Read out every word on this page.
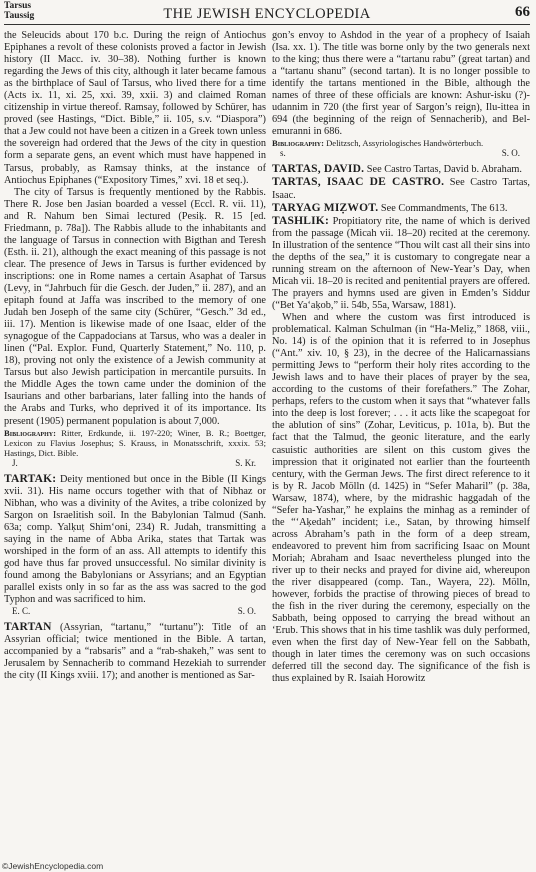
Tarsus
Taussig	THE JEWISH ENCYCLOPEDIA	66

the Seleucids about 170 b.c. During the reign of Antiochus Epiphanes a revolt of these colonists proved a factor in Jewish history (II Macc. iv. 30–38). Nothing further is known regarding the Jews of this city, although it later became famous as the birthplace of Saul of Tarsus, who lived there for a time (Acts ix. 11, xi. 25, xxi. 39, xxii. 3) and claimed Roman citizenship in virtue thereof. Ramsay, followed by Schürer, has proved (see Hastings, “Dict. Bible,” ii. 105, s.v. “Diaspora”) that a Jew could not have been a citizen in a Greek town unless the sovereign had ordered that the Jews of the city in question form a separate gens, an event which must have happened in Tarsus, probably, as Ramsay thinks, at the instance of Antiochus Epiphanes (“Expository Times,” xvi. 18 et seq.).

The city of Tarsus is frequently mentioned by the Rabbis. There R. Jose ben Jasian boarded a vessel (Eccl. R. vii. 11), and R. Nahum ben Simai lectured (Pesiḳ. R. 15 [ed. Friedmann, p. 78a]). The Rabbis allude to the inhabitants and the language of Tarsus in connection with Bigthan and Teresh (Esth. ii. 21), although the exact meaning of this passage is not clear. The presence of Jews in Tarsus is further evidenced by inscriptions: one in Rome names a certain Asaphat of Tarsus (Levy, in “Jahrbuch für die Gesch. der Juden,” ii. 287), and an epitaph found at Jaffa was inscribed to the memory of one Judah ben Joseph of the same city (Schürer, “Gesch.” 3d ed., iii. 17). Mention is likewise made of one Isaac, elder of the synagogue of the Cappadocians at Tarsus, who was a dealer in linen (“Pal. Explor. Fund, Quarterly Statement,” No. 110, p. 18), proving not only the existence of a Jewish community at Tarsus but also Jewish participation in mercantile pursuits. In the Middle Ages the town came under the dominion of the Isaurians and other barbarians, later falling into the hands of the Arabs and Turks, who deprived it of its importance. Its present (1905) permanent population is about 7,000.

Bibliography: Ritter, Erdkunde, ii. 197-220; Winer, B. R.; Boettger, Lexicon zu Flavius Josephus; S. Krauss, in Monatsschrift, xxxix. 53; Hastings, Dict. Bible.

J.	S. Kr.

TARTAK: Deity mentioned but once in the Bible (II Kings xvii. 31). His name occurs together with that of Nibhaz or Nibhan, who was a divinity of the Avites, a tribe colonized by Sargon on Israelitish soil. In the Babylonian Talmud (Sanh. 63a; comp. Yalḳuṭ Shim‘oni, 234) R. Judah, transmitting a saying in the name of Abba Arika, states that Tartak was worshiped in the form of an ass. All attempts to identify this god have thus far proved unsuccessful. No similar divinity is found among the Babylonians or Assyrians; and an Egyptian parallel exists only in so far as the ass was sacred to the god Typhon and was sacrificed to him.

E. C.	S. O.

TARTAN (Assyrian, “tartanu,” “turtanu”): Title of an Assyrian official; twice mentioned in the Bible. A tartan, accompanied by a “rabsaris” and a “rab-shakeh,” was sent to Jerusalem by Sennacherib to command Hezekiah to surrender the city (II Kings xviii. 17); and another is mentioned as Sar-

gon’s envoy to Ashdod in the year of a prophecy of Isaiah (Isa. xx. 1). The title was borne only by the two generals next to the king; thus there were a “tartanu rabu” (great tartan) and a “tartanu shanu” (second tartan). It is no longer possible to identify the tartans mentioned in the Bible, although the names of three of these officials are known: Ashur-isku (?)-udannim in 720 (the first year of Sargon’s reign), Ilu-ittea in 694 (the beginning of the reign of Sennacherib), and Bel-emuranni in 686.

Bibliography: Delitzsch, Assyriologisches Handwörterbuch.

s.	S. O.

TARTAS, DAVID. See Castro Tartas, David b. Abraham.

TARTAS, ISAAC DE CASTRO. See Castro Tartas, Isaac.

TARYAG MIẒWOT. See Commandments, The 613.

TASHLIK: Propitiatory rite, the name of which is derived from the passage (Micah vii. 18–20) recited at the ceremony. In illustration of the sentence “Thou wilt cast all their sins into the depths of the sea,” it is customary to congregate near a running stream on the afternoon of New-Year’s Day, when Micah vii. 18–20 is recited and penitential prayers are offered. The prayers and hymns used are given in Emden’s Siddur (“Bet Ya‘aḳob,” ii. 54b, 55a, Warsaw, 1881).

When and where the custom was first introduced is problematical. Kalman Schulman (in “Ha-Meliẓ,” 1868, viii., No. 14) is of the opinion that it is referred to in Josephus (“Ant.” xiv. 10, § 23), in the decree of the Halicarnassians permitting Jews to “perform their holy rites according to the Jewish laws and to have their places of prayer by the sea, according to the customs of their forefathers.” The Zohar, perhaps, refers to the custom when it says that “whatever falls into the deep is lost forever; . . . it acts like the scapegoat for the ablution of sins” (Zohar, Leviticus, p. 101a, b). But the fact that the Talmud, the geonic literature, and the early casuistic authorities are silent on this custom gives the impression that it originated not earlier than the fourteenth century, with the German Jews. The first direct reference to it is by R. Jacob Mölln (d. 1425) in “Sefer Maharil” (p. 38a, Warsaw, 1874), where, by the midrashic haggadah of the “Sefer ha-Yashar,” he explains the minhag as a reminder of the “‘Aḳedah” incident; i.e., Satan, by throwing himself across Abraham’s path in the form of a deep stream, endeavored to prevent him from sacrificing Isaac on Mount Moriah; Abraham and Isaac nevertheless plunged into the river up to their necks and prayed for divine aid, whereupon the river disappeared (comp. Tan., Wayera, 22). Mölln, however, forbids the practise of throwing pieces of bread to the fish in the river during the ceremony, especially on the Sabbath, being opposed to carrying the bread without an ‘Erub. This shows that in his time tashlik was duly performed, even when the first day of New-Year fell on the Sabbath, though in later times the ceremony was on such occasions deferred till the second day. The significance of the fish is thus explained by R. Isaiah Horowitz

©JewishEncyclopedia.com
